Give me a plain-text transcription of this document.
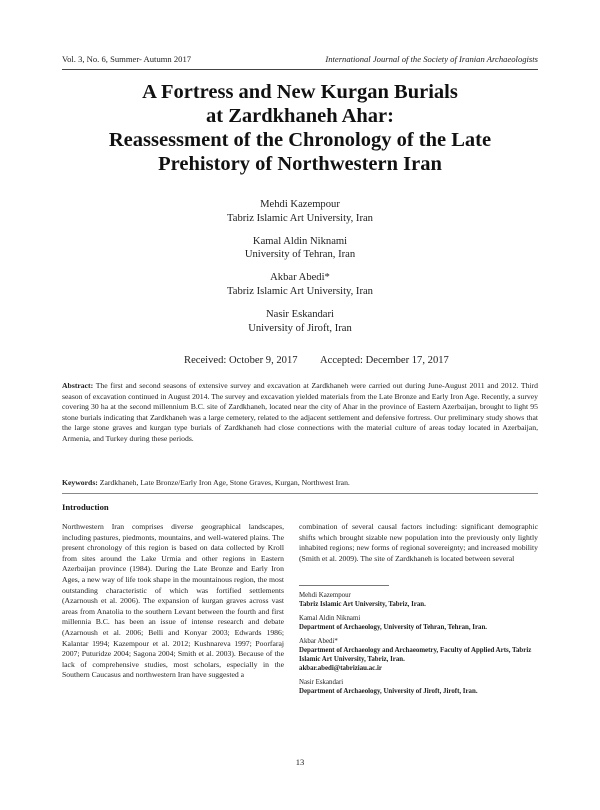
Vol. 3, No. 6, Summer- Autumn 2017	International Journal of the Society of Iranian Archaeologists
A Fortress and New Kurgan Burials
at Zardkhaneh Ahar:
Reassessment of the Chronology of the Late
Prehistory of Northwestern Iran
Mehdi Kazempour
Tabriz Islamic Art University, Iran
Kamal Aldin Niknami
University of Tehran, Iran
Akbar Abedi*
Tabriz Islamic Art University, Iran
Nasir Eskandari
University of Jiroft, Iran
Received: October 9, 2017 Accepted: December 17, 2017
Abstract: The first and second seasons of extensive survey and excavation at Zardkhaneh were carried out during June-August 2011 and 2012. Third season of excavation continued in August 2014. The survey and excavation yielded materials from the Late Bronze and Early Iron Age. Recently, a survey covering 30 ha at the second millennium B.C. site of Zardkhaneh, located near the city of Ahar in the province of Eastern Azerbaijan, brought to light 95 stone burials indicating that Zardkhaneh was a large cemetery, related to the adjacent settlement and defensive fortress. Our preliminary study shows that the large stone graves and kurgan type burials of Zardkhaneh had close connections with the material culture of areas today located in Azerbaijan, Armenia, and Turkey during these periods.
Keywords: Zardkhaneh, Late Bronze/Early Iron Age, Stone Graves, Kurgan, Northwest Iran.
Introduction
Northwestern Iran comprises diverse geographical landscapes, including pastures, piedmonts, mountains, and well-watered plains. The present chronology of this region is based on data collected by Kroll from sites around the Lake Urmia and other regions in Eastern Azerbaijan province (1984). During the Late Bronze and Early Iron Ages, a new way of life took shape in the mountainous region, the most outstanding characteristic of which was fortified settlements (Azarnoush et al. 2006). The expansion of kurgan graves across vast areas from Anatolia to the southern Levant between the fourth and first millennia B.C. has been an issue of intense research and debate (Azarnoush et al. 2006; Belli and Konyar 2003; Edwards 1986; Kalantar 1994; Kazempour et al. 2012; Kushnareva 1997; Poorfaraj 2007; Puturidze 2004; Sagona 2004; Smith et al. 2003). Because of the lack of comprehensive studies, most scholars, especially in the Southern Caucasus and northwestern Iran have suggested a
combination of several causal factors including: significant demographic shifts which brought sizable new population into the previously only lightly inhabited regions; new forms of regional sovereignty; and increased mobility (Smith et al. 2009). The site of Zardkhaneh is located between several
Mehdi Kazempour
Tabriz Islamic Art University, Tabriz, Iran.
Kamal Aldin Niknami
Department of Archaeology, University of Tehran, Tehran, Iran.
Akbar Abedi*
Department of Archaeology and Archaeometry, Faculty of Applied Arts, Tabriz Islamic Art University, Tabriz, Iran.
akbar.abedi@tabriziau.ac.ir
Nasir Eskandari
Department of Archaeology, University of Jiroft, Jiroft, Iran.
13
